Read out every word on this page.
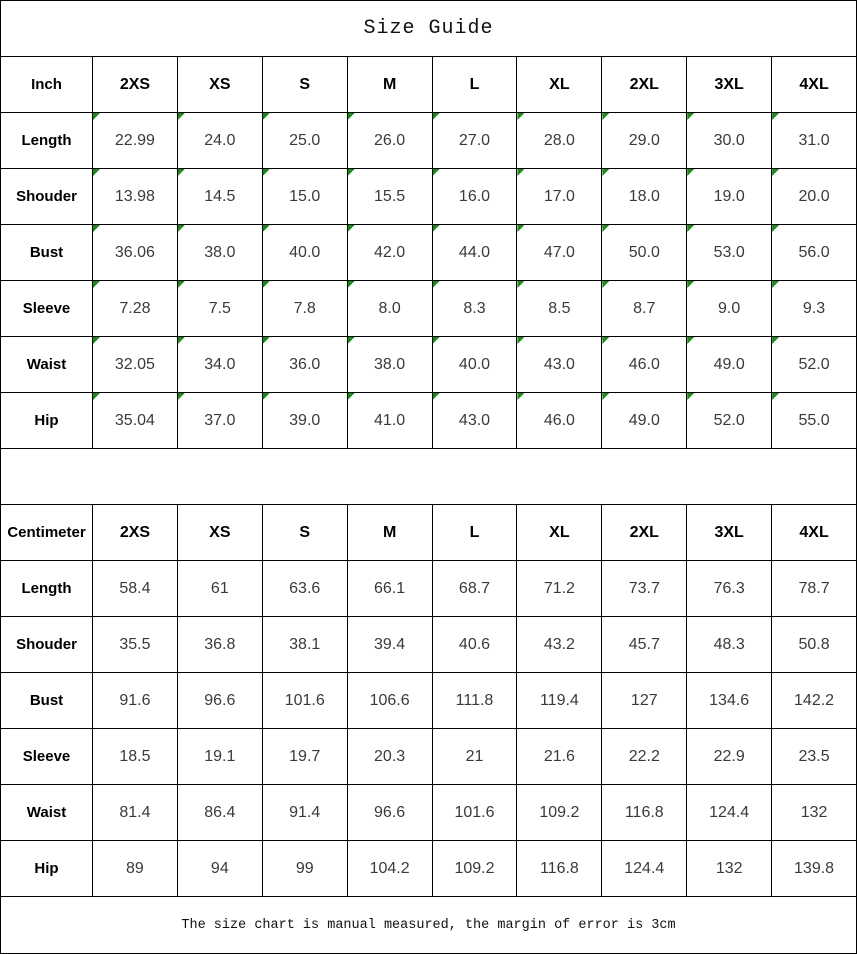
Size Guide
Inch	2XS	XS	S	M	L	XL	2XL	3XL	4XL
Length	22.99	24.0	25.0	26.0	27.0	28.0	29.0	30.0	31.0
Shouder	13.98	14.5	15.0	15.5	16.0	17.0	18.0	19.0	20.0
Bust	36.06	38.0	40.0	42.0	44.0	47.0	50.0	53.0	56.0
Sleeve	7.28	7.5	7.8	8.0	8.3	8.5	8.7	9.0	9.3
Waist	32.05	34.0	36.0	38.0	40.0	43.0	46.0	49.0	52.0
Hip	35.04	37.0	39.0	41.0	43.0	46.0	49.0	52.0	55.0
Centimeter	2XS	XS	S	M	L	XL	2XL	3XL	4XL
Length	58.4	61	63.6	66.1	68.7	71.2	73.7	76.3	78.7
Shouder	35.5	36.8	38.1	39.4	40.6	43.2	45.7	48.3	50.8
Bust	91.6	96.6	101.6	106.6	111.8	119.4	127	134.6	142.2
Sleeve	18.5	19.1	19.7	20.3	21	21.6	22.2	22.9	23.5
Waist	81.4	86.4	91.4	96.6	101.6	109.2	116.8	124.4	132
Hip	89	94	99	104.2	109.2	116.8	124.4	132	139.8
The size chart is manual measured, the margin of error is 3cm
